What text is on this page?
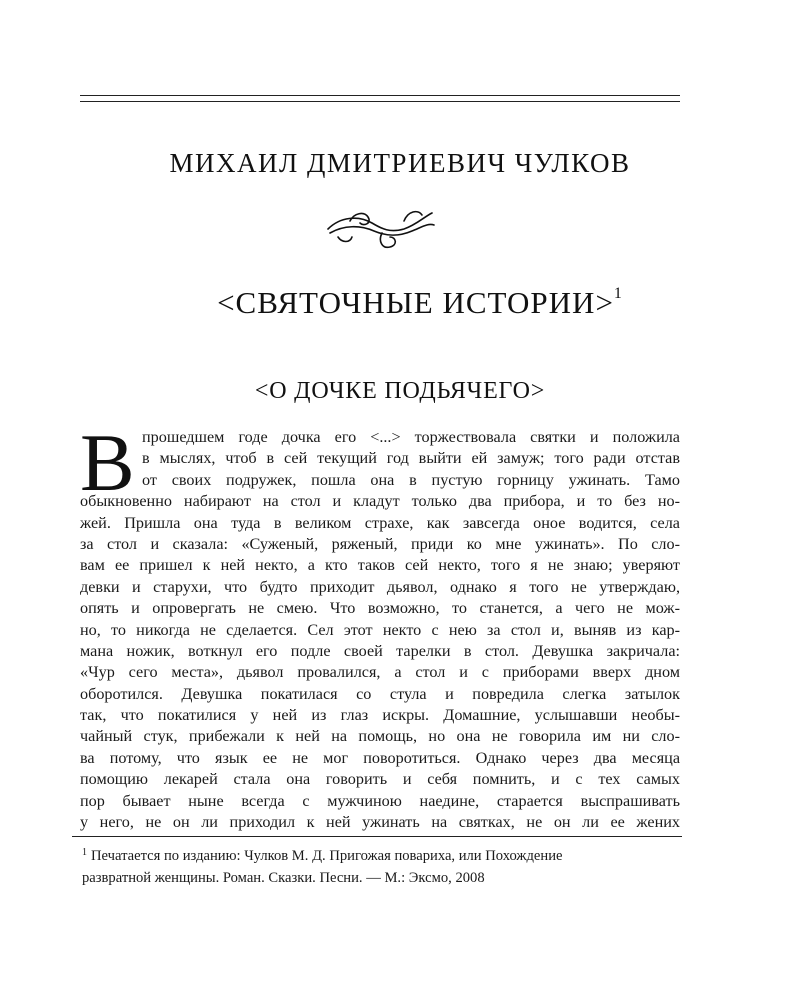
МИХАИЛ ДМИТРИЕВИЧ ЧУЛКОВ
<СВЯТОЧНЫЕ ИСТОРИИ>$^1$
<О ДОЧКЕ ПОДЬЯЧЕГО>
В прошедшем годе дочка его <...> торжествовала святки и положила
в мыслях, чтоб в сей текущий год выйти ей замуж; того ради отстав
от своих подружек, пошла она в пустую горницу ужинать. Тамо
обыкновенно набирают на стол и кладут только два прибора, и то без но-
жей. Пришла она туда в великом страхе, как завсегда оное водится, села
за стол и сказала: «Суженый, ряженый, приди ко мне ужинать». По сло-
вам ее пришел к ней некто, а кто таков сей некто, того я не знаю; уверяют
девки и старухи, что будто приходит дьявол, однако я того не утверждаю,
опять и опровергать не смею. Что возможно, то станется, а чего не мож-
но, то никогда не сделается. Сел этот некто с нею за стол и, выняв из кар-
мана ножик, воткнул его подле своей тарелки в стол. Девушка закричала:
«Чур сего места», дьявол провалился, а стол и с приборами вверх дном
оборотился. Девушка покатилася со стула и повредила слегка затылок
так, что покатилися у ней из глаз искры. Домашние, услышавши необы-
чайный стук, прибежали к ней на помощь, но она не говорила им ни сло-
ва потому, что язык ее не мог поворотиться. Однако через два месяца
помощию лекарей стала она говорить и себя помнить, и с тех самых
пор бывает ныне всегда с мужчиною наедине, старается выспрашивать
у него, не он ли приходил к ней ужинать на святках, не он ли ее жених
$^1$ Печатается по изданию: Чулков М. Д. Пригожая повариха, или Похождение
развратной женщины. Роман. Сказки. Песни. — М.: Эксмо, 2008
